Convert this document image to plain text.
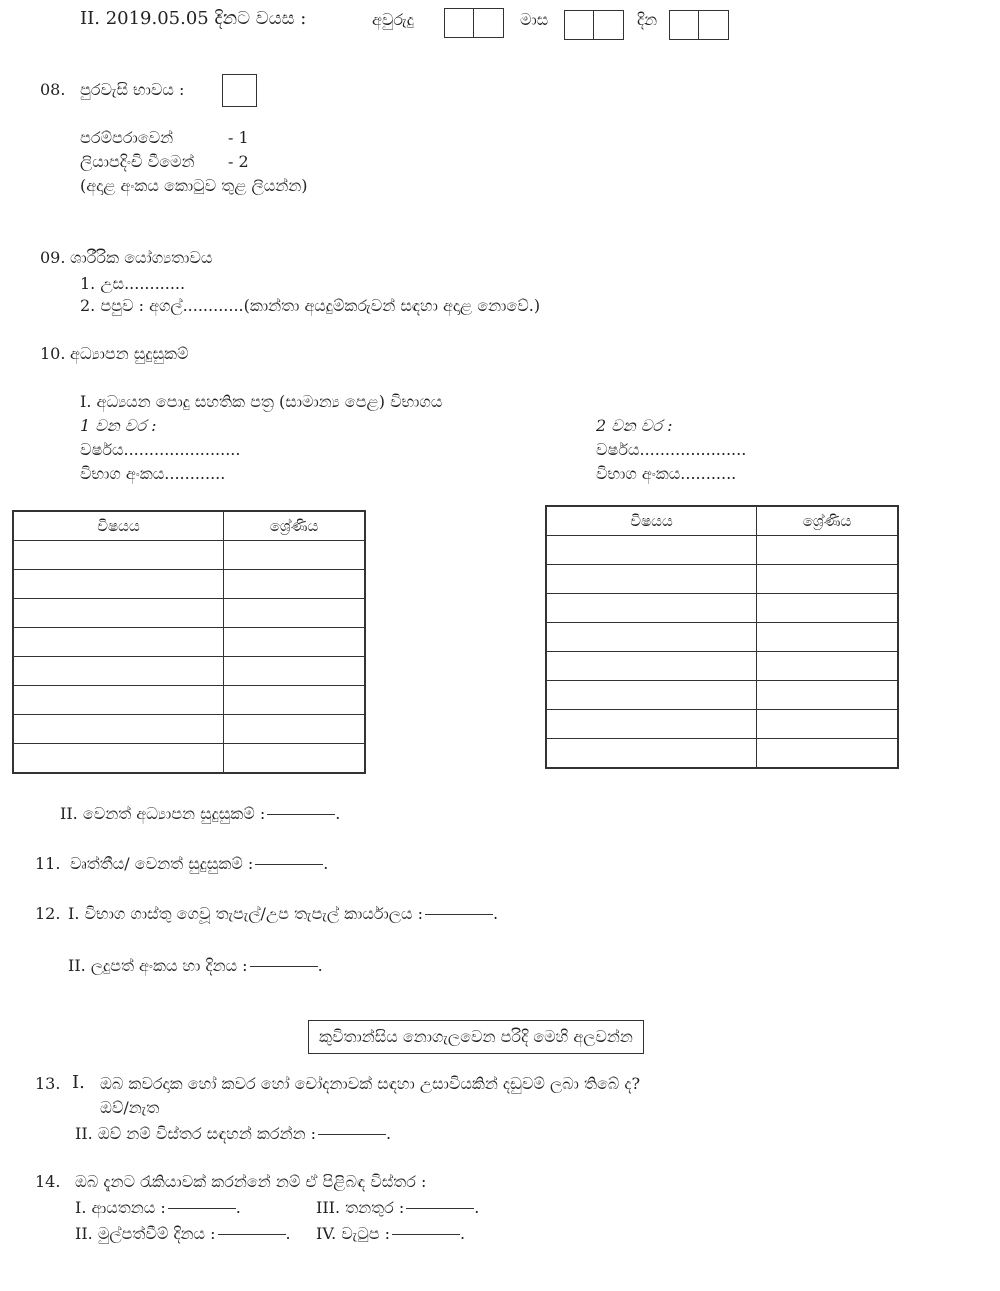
II. 2019.05.05 දිනට වයස :	අවුරුදු	මාස	දින
08. පුරවැසි භාවය :
පරම්පරාවෙන්	- 1
ලියාපදිංචි වීමෙන් - 2
(අදාළ අංකය කොටුව තුළ ලියන්න)
09. ශාරීරික යෝග්‍යතාවය
1. උස............
2. පපුව : අගල්............(කාන්තා අයදුම්කරුවන් සඳහා අදාළ නොවේ.)
10. අධ්‍යාපන සුදුසුකම්
I. අධ්‍යයන පොදු සහතික පත්‍ර (සාමාන්‍ය පෙළ) විභාගය
1 වන වර :
වර්ෂය.......................
විභාග අංකය............
2 වන වර :
වර්ෂය.....................
විභාග අංකය...........
විෂයය	ශ්‍රේණිය

		විෂයය	ශ්‍රේණිය

II. වෙනත් අධ්‍යාපන සුදුසුකම් :	.
11. වෘත්තීය/ වෙනත් සුදුසුකම් :	.
12. I. විභාග ගාස්තු ගෙවූ තැපැල්/උප තැපැල් කාර්යාලය :	.
II. ලදුපත් අංකය හා දිනය :	.
කුවිතාන්සිය නොගැලවෙන පරිදි මෙහි අලවන්න
13. I. ඔබ කවරදාක හෝ කවර හෝ චෝදනාවක් සඳහා උසාවියකින් දඩුවම් ලබා තිබේ ද?
ඔව්/නැත
II. ඔව් නම් විස්තර සඳහන් කරන්න :	.
14. ඔබ දැනට රැකියාවක් කරන්නේ නම් ඒ පිළිබඳ විස්තර :
I. ආයතනය :	.	III. තනතුර :	.
II. මුල්පත්වීම් දිනය :	. IV. වැටුප :	.
